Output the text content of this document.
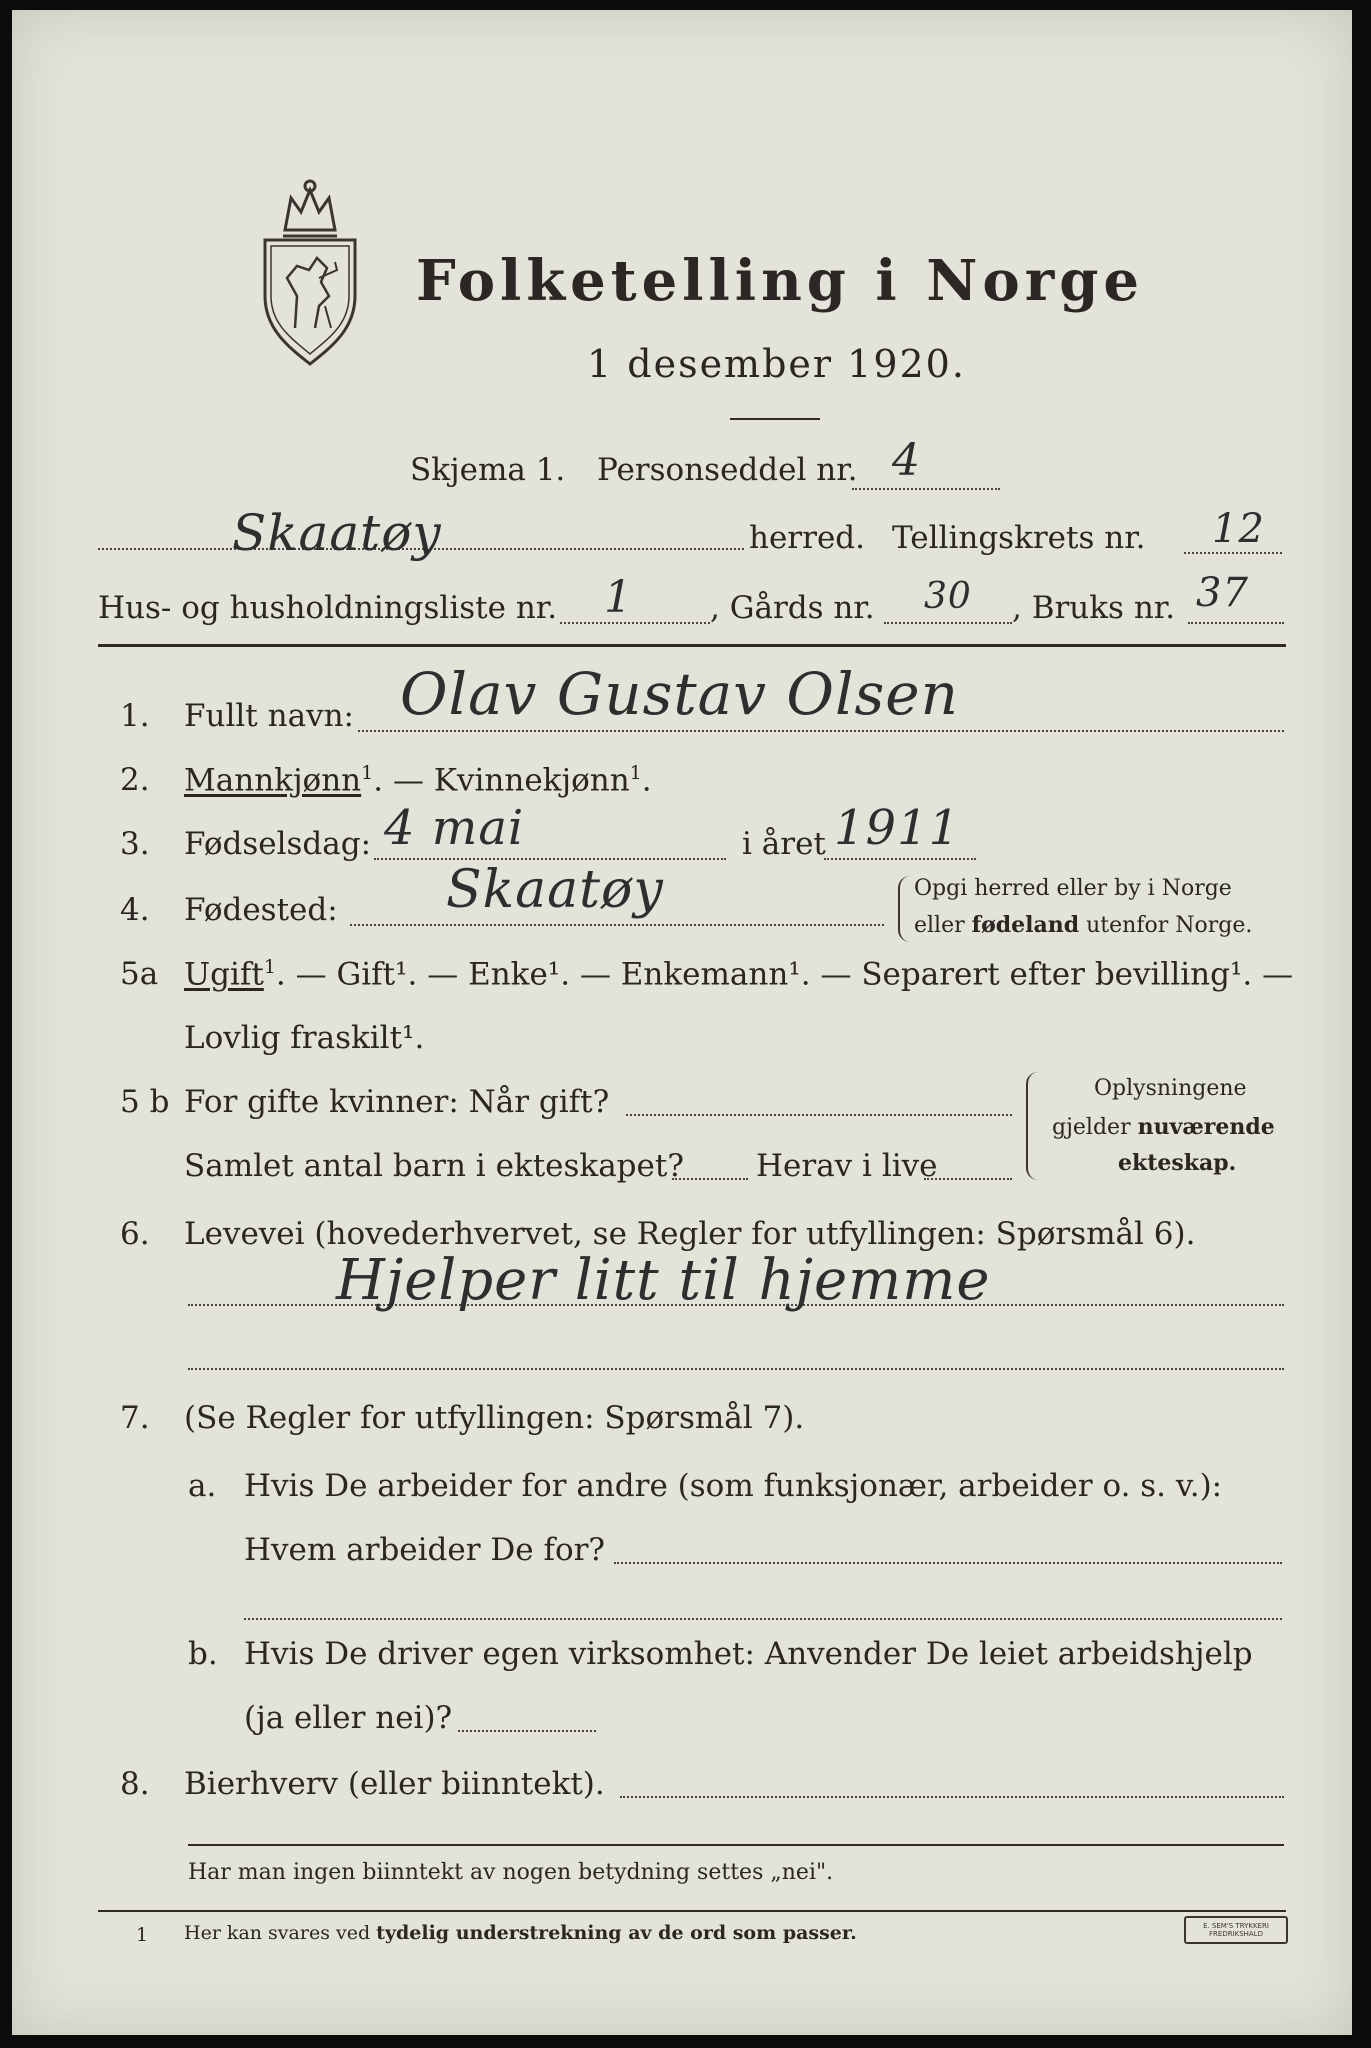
Folketelling i Norge
1 desember 1920.
Skjema 1. Personseddel nr. 4
Skaatøy	herred. Tellingskrets nr. 12
Hus- og husholdningsliste nr. 1 , Gårds nr. 30 , Bruks nr. 37
1. Fullt navn: Olav Gustav Olsen
2. Mannkjønn$^1$. — Kvinnekjønn$^1$.
3. Fødselsdag: 4 mai	i året 1911
4. Fødested: Skaatøy	Opgi herred eller by i Norge
eller fødeland utenfor Norge.
5a Ugift$^1$. — Gift¹. — Enke¹. — Enkemann¹. — Separert efter bevilling¹. —
Lovlig fraskilt¹.
5 b For gifte kvinner: Når gift?
Samlet antal barn i ekteskapet? Herav i live
Oplysningene
gjelder nuværende
ekteskap.
6. Levevei (hovederhvervet, se Regler for utfyllingen: Spørsmål 6).
Hjelper litt til hjemme
7. (Se Regler for utfyllingen: Spørsmål 7).
a. Hvis De arbeider for andre (som funksjonær, arbeider o. s. v.):
Hvem arbeider De for?
b. Hvis De driver egen virksomhet: Anvender De leiet arbeidshjelp
(ja eller nei)?
8. Bierhverv (eller biinntekt).
Har man ingen biinntekt av nogen betydning settes „nei".
1 Her kan svares ved tydelig understrekning av de ord som passer.	E. SEM'S TRYKKERI FREDRIKSHALD
